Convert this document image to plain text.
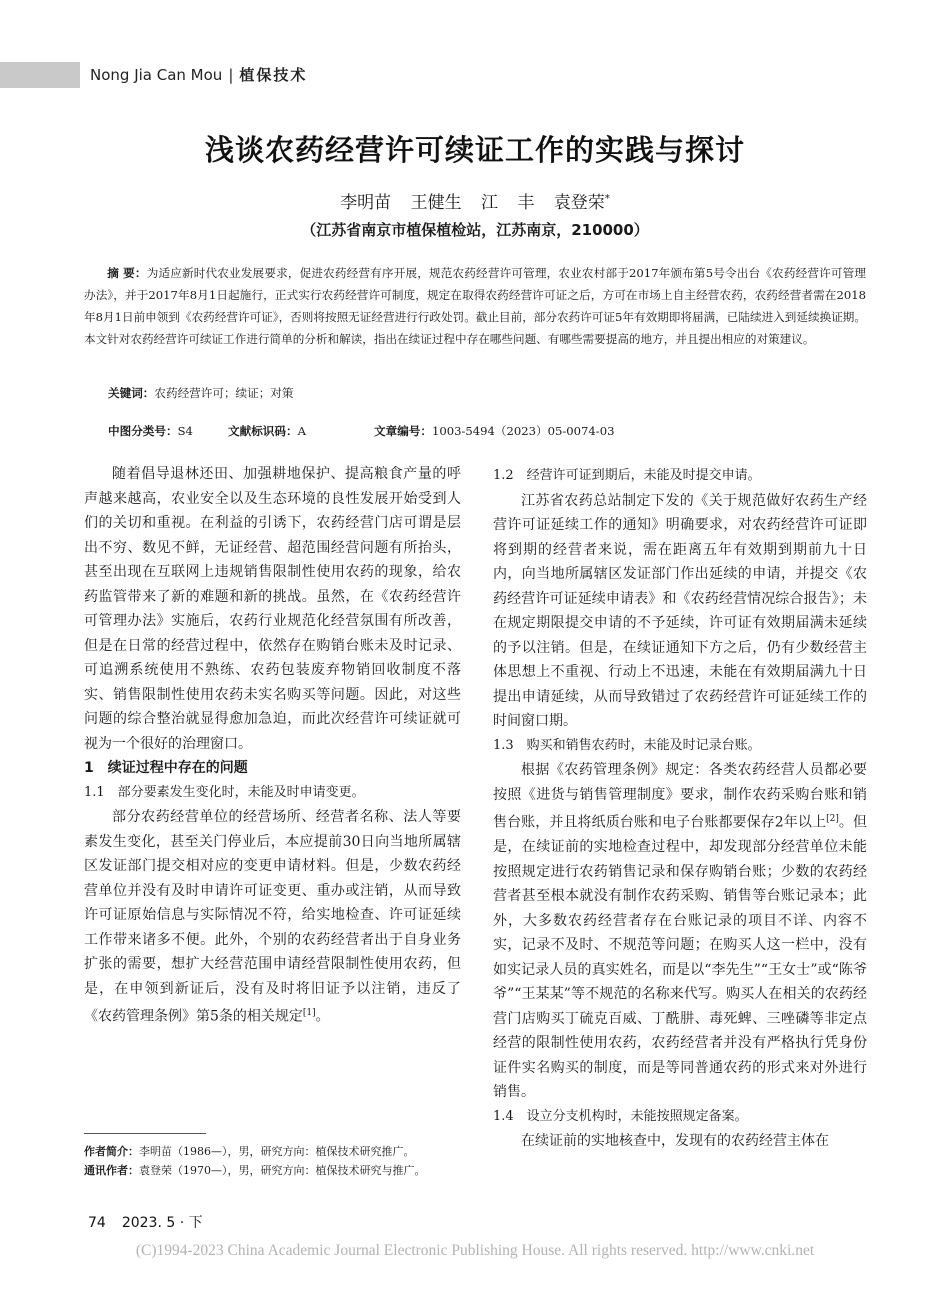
Nong Jia Can Mou | 植保技术
浅谈农药经营许可续证工作的实践与探讨
李明苗 王健生 江 丰 袁登荣*
（江苏省南京市植保植检站，江苏南京，210000）
摘 要：为适应新时代农业发展要求，促进农药经营有序开展，规范农药经营许可管理，农业农村部于2017年颁布第5号令出台《农药经营许可管理办法》，并于2017年8月1日起施行，正式实行农药经营许可制度，规定在取得农药经营许可证之后，方可在市场上自主经营农药，农药经营者需在2018年8月1日前申领到《农药经营许可证》，否则将按照无证经营进行行政处罚。截止目前，部分农药许可证5年有效期即将届满，已陆续进入到延续换证期。本文针对农药经营许可续证工作进行简单的分析和解读，指出在续证过程中存在哪些问题、有哪些需要提高的地方，并且提出相应的对策建议。
关键词：农药经营许可；续证；对策
中图分类号：S4	文献标识码：A	文章编号：1003-5494（2023）05-0074-03

随着倡导退林还田、加强耕地保护、提高粮食产量的呼声越来越高，农业安全以及生态环境的良性发展开始受到人们的关切和重视。在利益的引诱下，农药经营门店可谓是层出不穷、数见不鲜，无证经营、超范围经营问题有所抬头，甚至出现在互联网上违规销售限制性使用农药的现象，给农药监管带来了新的难题和新的挑战。虽然，在《农药经营许可管理办法》实施后，农药行业规范化经营氛围有所改善，但是在日常的经营过程中，依然存在购销台账未及时记录、可追溯系统使用不熟练、农药包装废弃物销回收制度不落实、销售限制性使用农药未实名购买等问题。因此，对这些问题的综合整治就显得愈加急迫，而此次经营许可续证就可视为一个很好的治理窗口。

1　续证过程中存在的问题

1.1　部分要素发生变化时，未能及时申请变更。

部分农药经营单位的经营场所、经营者名称、法人等要素发生变化，甚至关门停业后，本应提前30日向当地所属辖区发证部门提交相对应的变更申请材料。但是，少数农药经营单位并没有及时申请许可证变更、重办或注销，从而导致许可证原始信息与实际情况不符，给实地检查、许可证延续工作带来诸多不便。此外，个别的农药经营者出于自身业务扩张的需要，想扩大经营范围申请经营限制性使用农药，但是，在申领到新证后，没有及时将旧证予以注销，违反了《农药管理条例》第5条的相关规定[1]。

1.2　经营许可证到期后，未能及时提交申请。

江苏省农药总站制定下发的《关于规范做好农药生产经营许可证延续工作的通知》明确要求，对农药经营许可证即将到期的经营者来说，需在距离五年有效期到期前九十日内，向当地所属辖区发证部门作出延续的申请，并提交《农药经营许可证延续申请表》和《农药经营情况综合报告》；未在规定期限提交申请的不予延续，许可证有效期届满未延续的予以注销。但是，在续证通知下方之后，仍有少数经营主体思想上不重视、行动上不迅速，未能在有效期届满九十日提出申请延续，从而导致错过了农药经营许可证延续工作的时间窗口期。

1.3　购买和销售农药时，未能及时记录台账。

根据《农药管理条例》规定：各类农药经营人员都必要按照《进货与销售管理制度》要求，制作农药采购台账和销售台账，并且将纸质台账和电子台账都要保存2年以上[2]。但是，在续证前的实地检查过程中，却发现部分经营单位未能按照规定进行农药销售记录和保存购销台账；少数的农药经营者甚至根本就没有制作农药采购、销售等台账记录本；此外，大多数农药经营者存在台账记录的项目不详、内容不实，记录不及时、不规范等问题；在购买人这一栏中，没有如实记录人员的真实姓名，而是以“李先生”“王女士”或“陈爷爷”“王某某”等不规范的名称来代写。购买人在相关的农药经营门店购买丁硫克百威、丁酰肼、毒死蜱、三唑磷等非定点经营的限制性使用农药，农药经营者并没有严格执行凭身份证件实名购买的制度，而是等同普通农药的形式来对外进行销售。

1.4　设立分支机构时，未能按照规定备案。

在续证前的实地核查中，发现有的农药经营主体在

作者简介：李明苗（1986—），男，研究方向：植保技术研究推广。
通讯作者：袁登荣（1970—），男，研究方向：植保技术研究与推广。
74 2023. 5 · 下
(C)1994-2023 China Academic Journal Electronic Publishing House. All rights reserved. http://www.cnki.net
